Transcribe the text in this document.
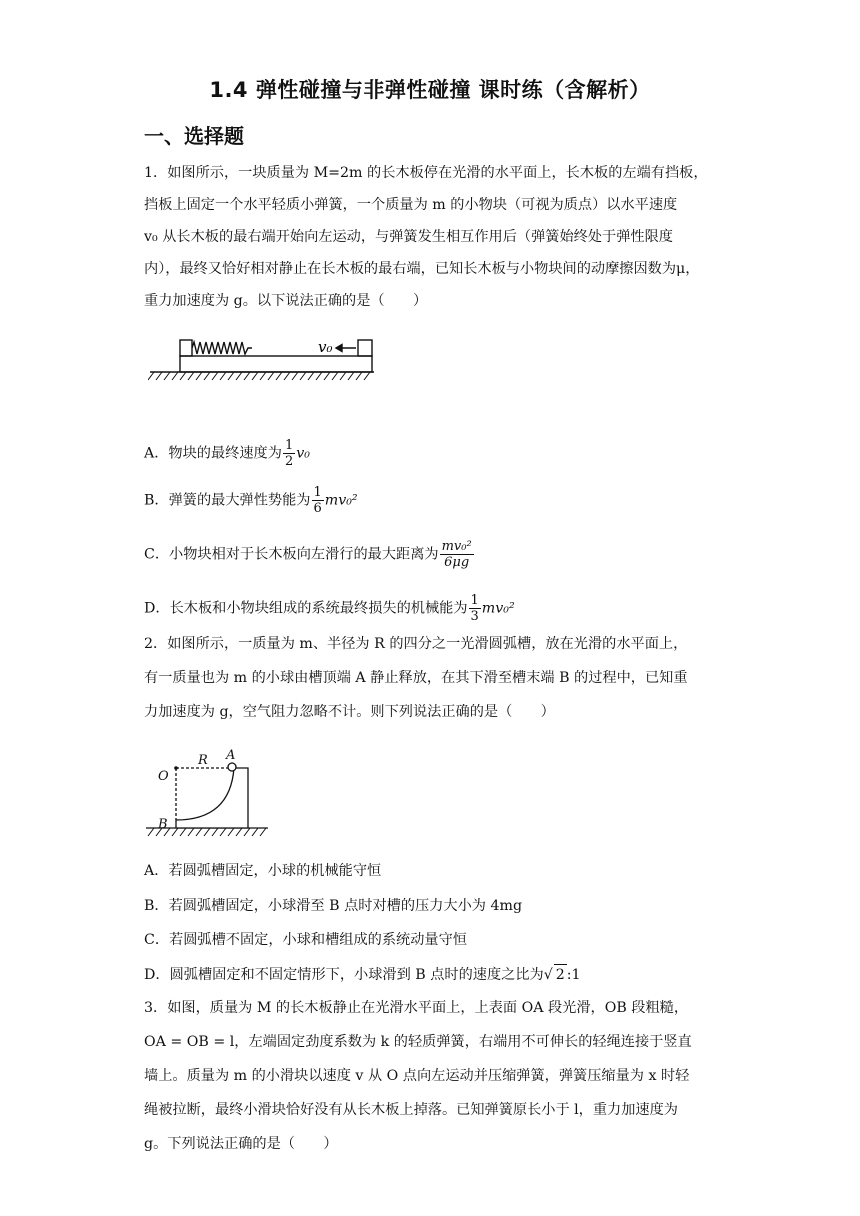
1.4 弹性碰撞与非弹性碰撞 课时练（含解析）
一、选择题
1．如图所示，一块质量为 M=2m 的长木板停在光滑的水平面上，长木板的左端有挡板，
挡板上固定一个水平轻质小弹簧，一个质量为 m 的小物块（可视为质点）以水平速度
v₀ 从长木板的最右端开始向左运动，与弹簧发生相互作用后（弹簧始终处于弹性限度
内），最终又恰好相对静止在长木板的最右端，已知长木板与小物块间的动摩擦因数为μ，
重力加速度为 g。以下说法正确的是（　　）
v₀
A．物块的最终速度为 $\frac{1}{2} v_0$
B．弹簧的最大弹性势能为 $\frac{1}{6} mv_0^2$
C．小物块相对于长木板向左滑行的最大距离为 $\frac{\text{mv₀²}}{6\mu g}$
D．长木板和小物块组成的系统最终损失的机械能为 $\frac{1}{3} mv_0^2$
2．如图所示，一质量为 m、半径为 R 的四分之一光滑圆弧槽，放在光滑的水平面上，
有一质量也为 m 的小球由槽顶端 A 静止释放，在其下滑至槽末端 B 的过程中，已知重
力加速度为 g，空气阻力忽略不计。则下列说法正确的是（　　）
O
R A
B
A．若圆弧槽固定，小球的机械能守恒
B．若圆弧槽固定，小球滑至 B 点时对槽的压力大小为 4mg
C．若圆弧槽不固定，小球和槽组成的系统动量守恒
D．圆弧槽固定和不固定情形下，小球滑到 B 点时的速度之比为√ 2 :1
3．如图，质量为 M 的长木板静止在光滑水平面上，上表面 OA 段光滑，OB 段粗糙，
OA = OB = l，左端固定劲度系数为 k 的轻质弹簧，右端用不可伸长的轻绳连接于竖直
墙上。质量为 m 的小滑块以速度 v 从 O 点向左运动并压缩弹簧，弹簧压缩量为 x 时轻
绳被拉断，最终小滑块恰好没有从长木板上掉落。已知弹簧原长小于 l，重力加速度为
g。下列说法正确的是（　　）
